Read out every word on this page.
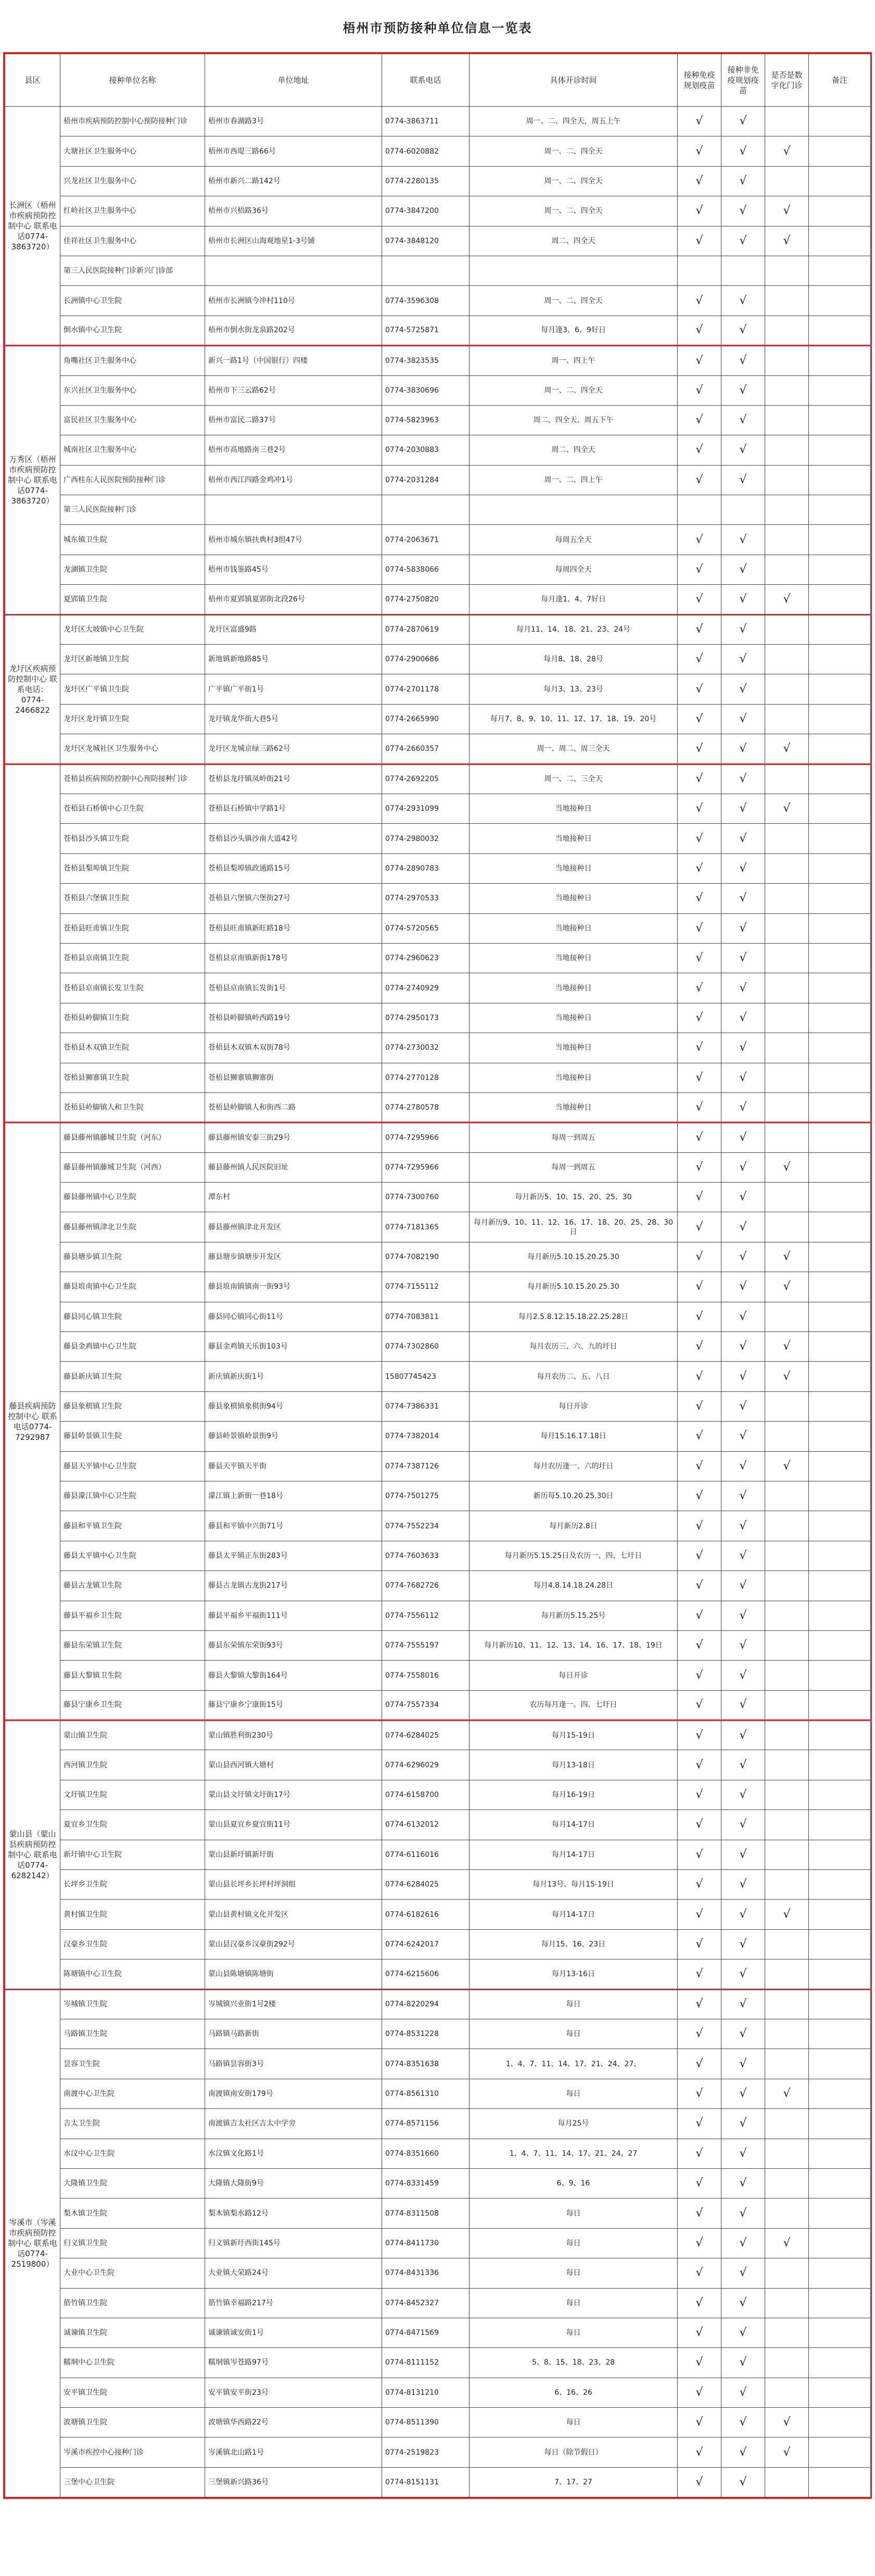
梧州市预防接种单位信息一览表
县区	接种单位名称	单位地址	联系电话	具体开诊时间	接种免疫规划疫苗	接种非免疫规划疫苗	是否是数字化门诊	备注
长洲区（梧州市疾病预防控制中心 联系电话0774-3863720）	梧州市疾病预防控制中心预防接种门诊	梧州市春湖路3号	0774-3863711	周一、二、四全天，周五上午	√	√		
	大塘社区卫生服务中心	梧州市西堤三路66号	0774-6020882	周一、二、四全天	√	√	√	
	兴龙社区卫生服务中心	梧州市新兴二路142号	0774-2280135	周一、二、四全天	√	√		
	红岭社区卫生服务中心	梧州市兴梧路36号	0774-3847200	周一、二、四全天	√	√	√	
	佳祥社区卫生服务中心	梧州市长洲区山海观地星1-3号铺	0774-3848120	周二、四全天	√	√	√	
	第三人民医院接种门诊新兴门诊部							
	长洲镇中心卫生院	梧州市长洲镇今冲村110号	0774-3596308	周一、二、四全天	√	√		
	倒水镇中心卫生院	梧州市倒水街龙泉路202号	0774-5725871	每月逢3、6、9好日	√	√		
万秀区（梧州市疾病预防控制中心 联系电话0774-3863720）	角嘴社区卫生服务中心	新兴一路1号（中国银行）四楼	0774-3823535	周一、四上午	√	√		
	东兴社区卫生服务中心	梧州市下三云路62号	0774-3830696	周一、二、四全天	√	√		
	富民社区卫生服务中心	梧州市富民二路37号	0774-5823963	周二、四全天、周五下午	√	√		
	城南社区卫生服务中心	梧州市高地路南三巷2号	0774-2030883	周二、四全天	√	√		
	广西桂东人民医院预防接种门诊	梧州市西江四路金鸡冲1号	0774-2031284	周一、二、四上午	√	√		
	第三人民医院接种门诊							
	城东镇卫生院	梧州市城东镇扶典村3组47号	0774-2063671	每周五全天	√	√		
	龙湖镇卫生院	梧州市钱鉴路45号	0774-5838066	每周四全天	√	√		
	夏郢镇卫生院	梧州市夏郢镇夏郢街北段26号	0774-2750820	每月逢1、4、7好日	√	√	√	
龙圩区疾病预防控制中心 联系电话：0774-2466822	龙圩区大坡镇中心卫生院	龙圩区富盛9路	0774-2870619	每月11、14、18、21、23、24号	√	√		
	龙圩区新地镇卫生院	新地镇新地路85号	0774-2900686	每月8、18、28号	√	√		
	龙圩区广平镇卫生院	广平镇广平街1号	0774-2701178	每月3、13、23号	√	√		
	龙圩区龙圩镇卫生院	龙圩镇龙华街大巷5号	0774-2665990	每月7、8、9、10、11、12、17、18、19、20号	√	√		
	龙圩区龙城社区卫生服务中心	龙圩区龙城京绿三路62号	0774-2660357	周一、周二、周三全天	√	√	√	
	苍梧县疾病预防控制中心预防接种门诊	苍梧县龙圩镇凤岭街21号	0774-2692205	周一、二、三全天	√	√		
	苍梧县石桥镇中心卫生院	苍梧县石桥镇中学路1号	0774-2931099	当地接种日	√	√	√	
	苍梧县沙头镇卫生院	苍梧县沙头镇沙南大道42号	0774-2980032	当地接种日	√	√		
	苍梧县梨埠镇卫生院	苍梧县梨埠镇政通路15号	0774-2890783	当地接种日	√	√		
	苍梧县六堡镇卫生院	苍梧县六堡镇六堡街27号	0774-2970533	当地接种日	√	√		
	苍梧县旺甫镇卫生院	苍梧县旺甫镇新旺路18号	0774-5720565	当地接种日	√	√		
	苍梧县京南镇卫生院	苍梧县京南镇新街178号	0774-2960623	当地接种日	√	√		
	苍梧县京南镇长发卫生院	苍梧县京南镇长发街1号	0774-2740929	当地接种日	√	√		
	苍梧县岭脚镇卫生院	苍梧县岭脚镇岭西路19号	0774-2950173	当地接种日	√	√		
	苍梧县木双镇卫生院	苍梧县木双镇木双街78号	0774-2730032	当地接种日	√	√		
	苍梧县狮寨镇卫生院	苍梧县狮寨镇狮寨街	0774-2770128	当地接种日	√	√		
	苍梧县岭脚镇人和卫生院	苍梧县岭脚镇人和街西二路	0774-2780578	当地接种日	√	√		
藤县疾病预防控制中心 联系电话0774-7292987	藤县藤州镇藤城卫生院（河东）	藤县藤州镇安泰三街29号	0774-7295966	每周一到周五	√	√		
	藤县藤州镇藤城卫生院（河西）	藤县藤州镇人民医院旧址	0774-7295966	每周一到周五	√	√	√	
	藤县藤州镇中心卫生院	潭东村	0774-7300760	每月新历5、10、15、20、25、30	√	√		
	藤县藤州镇津北卫生院	藤县藤州镇津北开发区	0774-7181365	每月新历9、10、11、12、16、17、18、20、25、28、30日	√	√		
	藤县塘步镇卫生院	藤县塘步镇塘步开发区	0774-7082190	每月新历5.10.15.20.25.30	√	√	√	
	藤县埌南镇中心卫生院	藤县埌南镇镇南一街93号	0774-7155112	每月新历5.10.15.20.25.30	√	√	√	
	藤县同心镇卫生院	藤县同心镇同心街11号	0774-7083811	每月2.5.8.12.15.18.22.25.28日	√	√		
	藤县金鸡镇中心卫生院	藤县金鸡镇天乐街103号	0774-7302860	每月农历三、六、九的圩日	√	√	√	
	藤县新庆镇卫生院	新庆镇新庆街1号	15807745423	每月农历二、五、八日	√	√	√	
	藤县象棋镇卫生院	藤县象棋镇象棋街94号	0774-7386331	每日开诊	√	√		
	藤县岭景镇卫生院	藤县岭景镇岭景街9号	0774-7382014	每月15.16.17.18日	√	√		
	藤县天平镇中心卫生院	藤县天平镇天平街	0774-7387126	每月农历逢一、六的圩日	√	√	√	
	藤县濛江镇中心卫生院	濛江镇上新街一巷18号	0774-7501275	新历每5.10.20.25.30日	√	√		
	藤县和平镇卫生院	藤县和平镇中兴街71号	0774-7552234	每月新历2.8日	√	√		
	藤县太平镇中心卫生院	藤县太平镇正东街283号	0774-7603633	每月新历5.15.25日及农历一、四、七圩日	√	√		
	藤县古龙镇卫生院	藤县古龙镇古龙街217号	0774-7682726	每月4.8.14.18.24.28日	√	√		
	藤县平福乡卫生院	藤县平福乡平福街111号	0774-7556112	每月新历5.15.25号	√	√		
	藤县东荣镇卫生院	藤县东荣镇东荣街93号	0774-7555197	每月新历10、11、12、13、14、16、17、18、19日	√	√		
	藤县大黎镇卫生院	藤县大黎镇大黎街164号	0774-7558016	每日开诊	√	√		
	藤县宁康乡卫生院	藤县宁康乡宁康街15号	0774-7557334	农历每月逢一、四、七圩日	√	√		
蒙山县（蒙山县疾病预防控制中心 联系电话0774-6282142）	蒙山镇卫生院	蒙山镇胜利街230号	0774-6284025	每月15-19日	√	√		
	西河镇卫生院	蒙山县西河镇大塘村	0774-6296029	每月13-18日	√	√		
	文圩镇卫生院	蒙山县文圩镇文圩街17号	0774-6158700	每月16-19日	√	√		
	夏宜乡卫生院	蒙山县夏宜乡夏宜街11号	0774-6132012	每月14-17日	√	√		
	新圩镇中心卫生院	蒙山县新圩镇新圩街	0774-6116016	每月14-17日	√	√		
	长坪乡卫生院	蒙山县长坪乡长坪村坪洞组	0774-6284025	每月13号、每月15-19日	√	√		
	黄村镇卫生院	蒙山县黄村镇文化开发区	0774-6182616	每月14-17日	√	√	√	
	汉豪乡卫生院	蒙山县汉豪乡汉豪街292号	0774-6242017	每月15、16、23日	√	√		
	陈塘镇中心卫生院	蒙山县陈塘镇陈塘街	0774-6215606	每月13-16日	√	√		
岑溪市（岑溪市疾病预防控制中心 联系电话0774-2519800）	岑城镇卫生院	岑城镇兴业街1号2楼	0774-8220294	每日	√	√		
	马路镇卫生院	马路镇马路新街	0774-8531228	每日	√	√		
	昙容卫生院	马路镇昙容街3号	0774-8351638	1、4、7、11、14、17、21、24、27、	√	√		
	南渡中心卫生院	南渡镇南安街179号	0774-8561310	每日	√	√	√	
	吉太卫生院	南渡镇吉太社区吉太中学旁	0774-8571156	每月25号	√	√		
	水汶中心卫生院	水汶镇文化路1号	0774-8351660	1、4、7、11、14、17、21、24、27	√	√		
	大隆镇卫生院	大隆镇大隆街9号	0774-8331459	6、9、16	√	√		
	梨木镇卫生院	梨木镇梨水路12号	0774-8311508	每日	√	√		
	归义镇卫生院	归义镇新圩西街145号	0774-8411730	每日	√	√	√	
	大业中心卫生院	大业镇大荣路24号	0774-8431336	每日	√	√		
	筋竹镇卫生院	筋竹镇幸福路217号	0774-8452327	每日	√	√		
	诚谏镇卫生院	诚谏镇诚安街1号	0774-8471569	每日	√	√		
	糯垌中心卫生院	糯垌镇岑苍路97号	0774-8111152	5、8、15、18、23、28	√	√		
	安平镇卫生院	安平镇安平街23号	0774-8131210	6、16、26	√	√		
	波塘镇卫生院	波塘镇华西路22号	0774-8511390	每日	√	√	√	
	岑溪市疾控中心接种门诊	岑溪镇北山路1号	0774-2519823	每日（除节假日）	√	√	√	
	三堡中心卫生院	三堡镇新兴路36号	0774-8151131	7、17、27	√	√		
